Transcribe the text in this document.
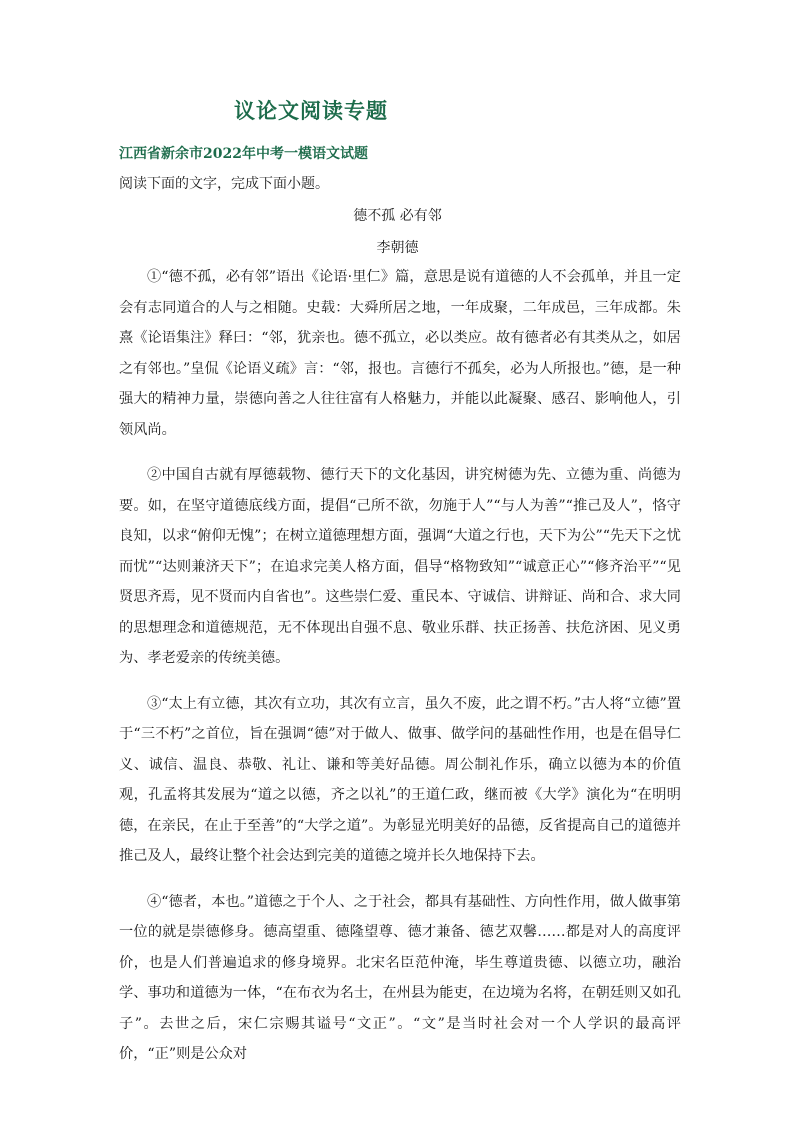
议论文阅读专题
江西省新余市2022年中考一模语文试题
阅读下面的文字，完成下面小题。
德不孤 必有邻
李朝德

①“德不孤，必有邻”语出《论语·里仁》篇，意思是说有道德的人不会孤单，并且一定会有志同道合的人与之相随。史载：大舜所居之地，一年成聚，二年成邑，三年成都。朱熹《论语集注》释曰：“邻，犹亲也。德不孤立，必以类应。故有德者必有其类从之，如居之有邻也。”皇侃《论语义疏》言：“邻，报也。言德行不孤矣，必为人所报也。”德，是一种强大的精神力量，崇德向善之人往往富有人格魅力，并能以此凝聚、感召、影响他人，引领风尚。

②中国自古就有厚德载物、德行天下的文化基因，讲究树德为先、立德为重、尚德为要。如，在坚守道德底线方面，提倡“己所不欲，勿施于人”“与人为善”“推己及人”，恪守良知，以求“俯仰无愧”；在树立道德理想方面，强调“大道之行也，天下为公”“先天下之忧而忧”“达则兼济天下”；在追求完美人格方面，倡导“格物致知”“诚意正心”“修齐治平”“见贤思齐焉，见不贤而内自省也”。这些崇仁爱、重民本、守诚信、讲辩证、尚和合、求大同的思想理念和道德规范，无不体现出自强不息、敬业乐群、扶正扬善、扶危济困、见义勇为、孝老爱亲的传统美德。

③“太上有立德，其次有立功，其次有立言，虽久不废，此之谓不朽。”古人将“立德”置于“三不朽”之首位，旨在强调“德”对于做人、做事、做学问的基础性作用，也是在倡导仁义、诚信、温良、恭敬、礼让、谦和等美好品德。周公制礼作乐，确立以德为本的价值观，孔孟将其发展为“道之以德，齐之以礼”的王道仁政，继而被《大学》演化为“在明明德，在亲民，在止于至善”的“大学之道”。为彰显光明美好的品德，反省提高自己的道德并推己及人，最终让整个社会达到完美的道德之境并长久地保持下去。

④“德者，本也。”道德之于个人、之于社会，都具有基础性、方向性作用，做人做事第一位的就是崇德修身。德高望重、德隆望尊、德才兼备、德艺双馨……都是对人的高度评价，也是人们普遍追求的修身境界。北宋名臣范仲淹，毕生尊道贵德、以德立功，融治学、事功和道德为一体，“在布衣为名士，在州县为能吏，在边境为名将，在朝廷则又如孔子”。去世之后，宋仁宗赐其谥号“文正”。“文”是当时社会对一个人学识的最高评价，“正”则是公众对
